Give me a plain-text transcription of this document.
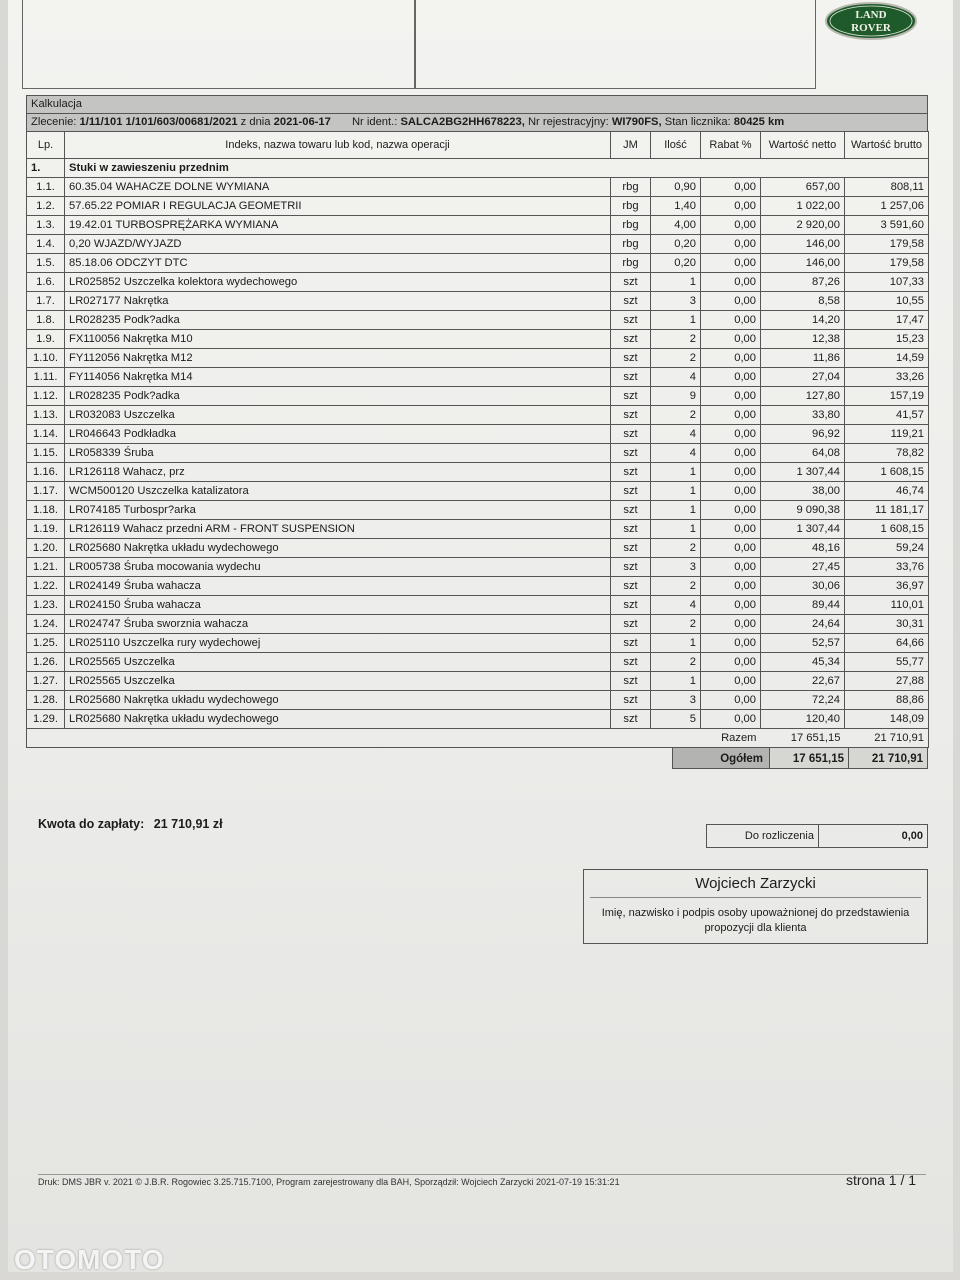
LAND
ROVER
Kalkulacja
Zlecenie: 1/11/101 1/101/603/00681/2021 z dnia 2021-06-17 Nr ident.: SALCA2BG2HH678223, Nr rejestracyjny: WI790FS, Stan licznika: 80425 km
Lp.	Indeks, nazwa towaru lub kod, nazwa operacji	JM	Ilość	Rabat %	Wartość netto	Wartość brutto
1.	Stuki w zawieszeniu przednim					
1.1.	60.35.04 WAHACZE DOLNE WYMIANA	rbg	0,90	0,00	657,00	808,11
1.2.	57.65.22 POMIAR I REGULACJA GEOMETRII	rbg	1,40	0,00	1 022,00	1 257,06
1.3.	19.42.01 TURBOSPRĘŻARKA WYMIANA	rbg	4,00	0,00	2 920,00	3 591,60
1.4.	0,20 WJAZD/WYJAZD	rbg	0,20	0,00	146,00	179,58
1.5.	85.18.06 ODCZYT DTC	rbg	0,20	0,00	146,00	179,58
1.6.	LR025852 Uszczelka kolektora wydechowego	szt	1	0,00	87,26	107,33
1.7.	LR027177 Nakrętka	szt	3	0,00	8,58	10,55
1.8.	LR028235 Podk?adka	szt	1	0,00	14,20	17,47
1.9.	FX110056 Nakrętka M10	szt	2	0,00	12,38	15,23
1.10.	FY112056 Nakrętka M12	szt	2	0,00	11,86	14,59
1.11.	FY114056 Nakrętka M14	szt	4	0,00	27,04	33,26
1.12.	LR028235 Podk?adka	szt	9	0,00	127,80	157,19
1.13.	LR032083 Uszczelka	szt	2	0,00	33,80	41,57
1.14.	LR046643 Podkładka	szt	4	0,00	96,92	119,21
1.15.	LR058339 Śruba	szt	4	0,00	64,08	78,82
1.16.	LR126118 Wahacz, prz	szt	1	0,00	1 307,44	1 608,15
1.17.	WCM500120 Uszczelka katalizatora	szt	1	0,00	38,00	46,74
1.18.	LR074185 Turbospr?arka	szt	1	0,00	9 090,38	11 181,17
1.19.	LR126119 Wahacz przedni ARM - FRONT SUSPENSION	szt	1	0,00	1 307,44	1 608,15
1.20.	LR025680 Nakrętka układu wydechowego	szt	2	0,00	48,16	59,24
1.21.	LR005738 Śruba mocowania wydechu	szt	3	0,00	27,45	33,76
1.22.	LR024149 Śruba wahacza	szt	2	0,00	30,06	36,97
1.23.	LR024150 Śruba wahacza	szt	4	0,00	89,44	110,01
1.24.	LR024747 Śruba sworznia wahacza	szt	2	0,00	24,64	30,31
1.25.	LR025110 Uszczelka rury wydechowej	szt	1	0,00	52,57	64,66
1.26.	LR025565 Uszczelka	szt	2	0,00	45,34	55,77
1.27.	LR025565 Uszczelka	szt	1	0,00	22,67	27,88
1.28.	LR025680 Nakrętka układu wydechowego	szt	3	0,00	72,24	88,86
1.29.	LR025680 Nakrętka układu wydechowego	szt	5	0,00	120,40	148,09
				Razem	17 651,15	21 710,91
Ogółem	17 651,15	21 710,91
Kwota do zapłaty: 21 710,91 zł
Do rozliczenia	0,00
Wojciech Zarzycki
Imię, nazwisko i podpis osoby upoważnionej do przedstawienia propozycji dla klienta
Druk: DMS JBR v. 2021 © J.B.R. Rogowiec 3.25.715.7100, Program zarejestrowany dla BAH, Sporządził: Wojciech Zarzycki 2021-07-19 15:31:21	strona 1 / 1
OTOMOTO
